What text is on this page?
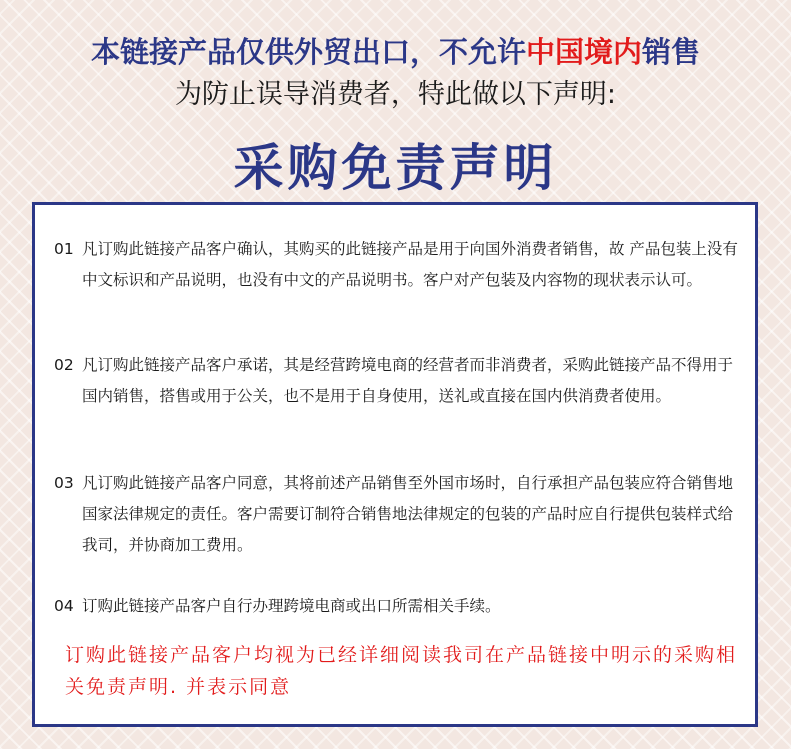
本链接产品仅供外贸出口，不允许中国境内销售
为防止误导消费者，特此做以下声明:
采购免责声明
01 凡订购此链接产品客户确认，其购买的此链接产品是用于向国外消费者销售，故 产品包装上没有中文标识和产品说明，也没有中文的产品说明书。客户对产包装及内容物的现状表示认可。
02 凡订购此链接产品客户承诺，其是经营跨境电商的经营者而非消费者，采购此链接产品不得用于国内销售，搭售或用于公关，也不是用于自身使用，送礼或直接在国内供消费者使用。
03 凡订购此链接产品客户同意，其将前述产品销售至外国市场时，自行承担产品包装应符合销售地国家法律规定的责任。客户需要订制符合销售地法律规定的包装的产品时应自行提供包装样式给我司，并协商加工费用。
04 订购此链接产品客户自行办理跨境电商或出口所需相关手续。
订购此链接产品客户均视为已经详细阅读我司在产品链接中明示的采购相关免责声明. 并表示同意
